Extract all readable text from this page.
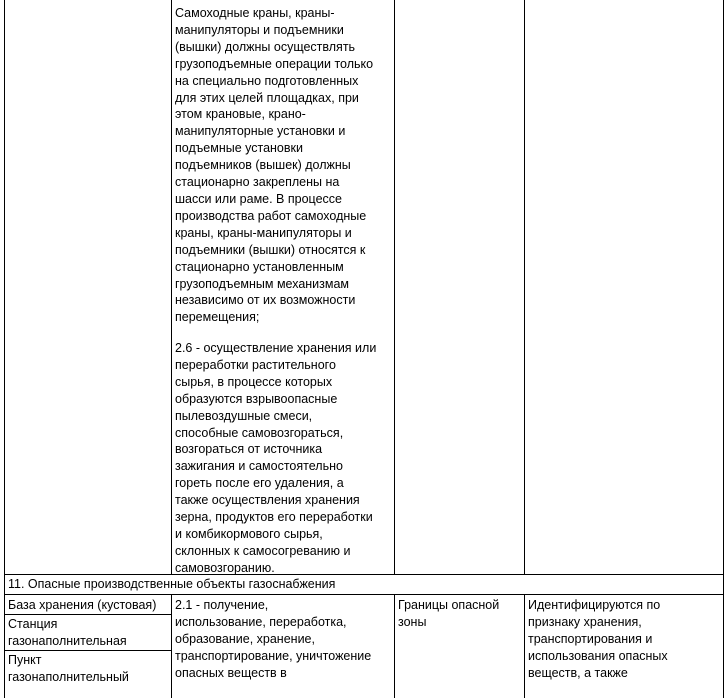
Самоходные краны, краны-
манипуляторы и подъемники
(вышки) должны осуществлять
грузоподъемные операции только
на специально подготовленных
для этих целей площадках, при
этом крановые, крано-
манипуляторные установки и
подъемные установки
подъемников (вышек) должны
стационарно закреплены на
шасси или раме. В процессе
производства работ самоходные
краны, краны-манипуляторы и
подъемники (вышки) относятся к
стационарно установленным
грузоподъемным механизмам
независимо от их возможности
перемещения;
2.6 - осуществление хранения или
переработки растительного
сырья, в процессе которых
образуются взрывоопасные
пылевоздушные смеси,
способные самовозгораться,
возгораться от источника
зажигания и самостоятельно
гореть после его удаления, а
также осуществления хранения
зерна, продуктов его переработки
и комбикормового сырья,
склонных к самосогреванию и
самовозгоранию.
11. Опасные производственные объекты газоснабжения
База хранения (кустовая)
Станция
газонаполнительная
Пункт
газонаполнительный
2.1 - получение,
использование, переработка,
образование, хранение,
транспортирование, уничтожение
опасных веществ в
Границы опасной
зоны
Идентифицируются по
признаку хранения,
транспортирования и
использования опасных
веществ, а также
